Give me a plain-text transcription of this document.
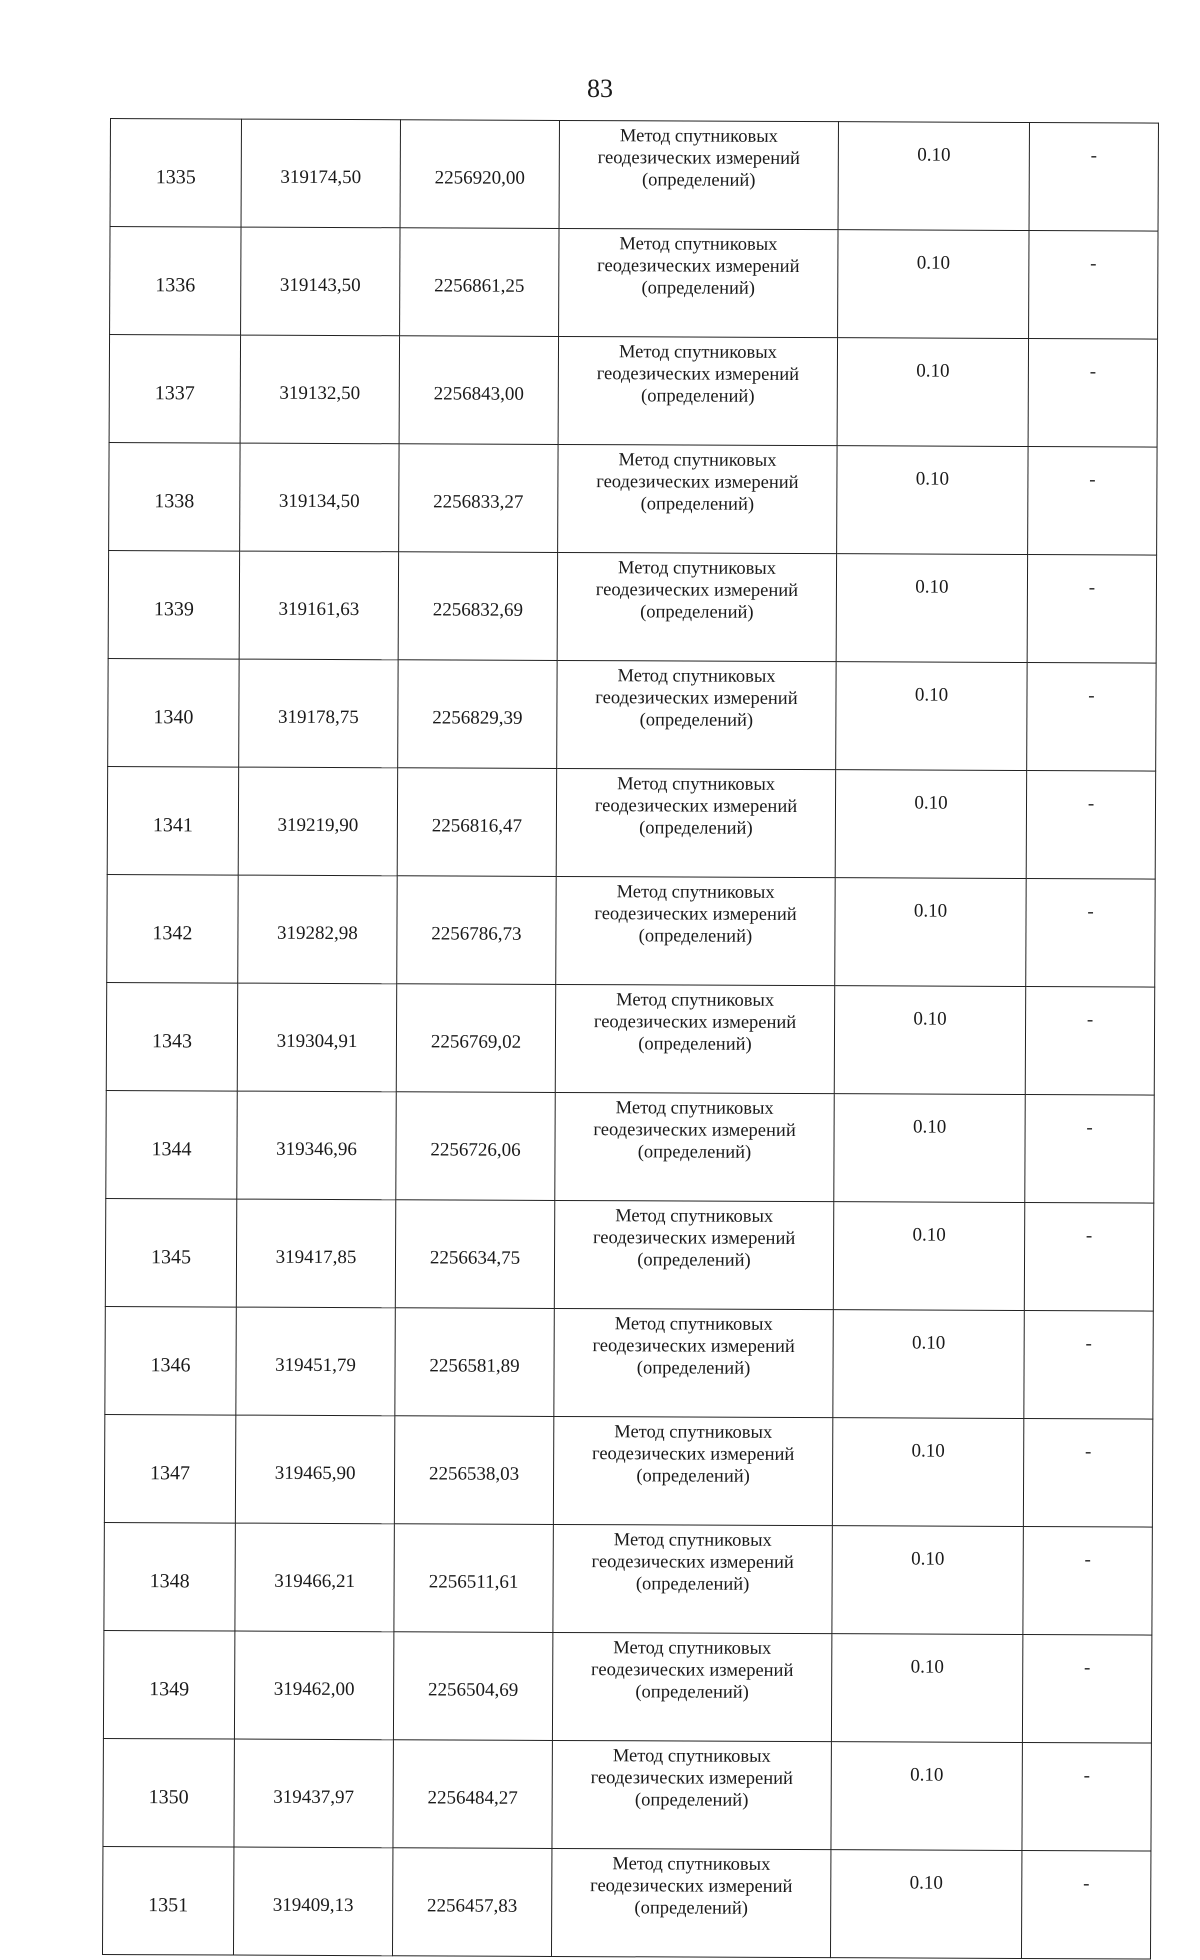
83
1335	319174,50	2256920,00	Метод спутниковых
геодезических измерений
(определений)	0.10	-
1336	319143,50	2256861,25	Метод спутниковых
геодезических измерений
(определений)	0.10	-
1337	319132,50	2256843,00	Метод спутниковых
геодезических измерений
(определений)	0.10	-
1338	319134,50	2256833,27	Метод спутниковых
геодезических измерений
(определений)	0.10	-
1339	319161,63	2256832,69	Метод спутниковых
геодезических измерений
(определений)	0.10	-
1340	319178,75	2256829,39	Метод спутниковых
геодезических измерений
(определений)	0.10	-
1341	319219,90	2256816,47	Метод спутниковых
геодезических измерений
(определений)	0.10	-
1342	319282,98	2256786,73	Метод спутниковых
геодезических измерений
(определений)	0.10	-
1343	319304,91	2256769,02	Метод спутниковых
геодезических измерений
(определений)	0.10	-
1344	319346,96	2256726,06	Метод спутниковых
геодезических измерений
(определений)	0.10	-
1345	319417,85	2256634,75	Метод спутниковых
геодезических измерений
(определений)	0.10	-
1346	319451,79	2256581,89	Метод спутниковых
геодезических измерений
(определений)	0.10	-
1347	319465,90	2256538,03	Метод спутниковых
геодезических измерений
(определений)	0.10	-
1348	319466,21	2256511,61	Метод спутниковых
геодезических измерений
(определений)	0.10	-
1349	319462,00	2256504,69	Метод спутниковых
геодезических измерений
(определений)	0.10	-
1350	319437,97	2256484,27	Метод спутниковых
геодезических измерений
(определений)	0.10	-
1351	319409,13	2256457,83	Метод спутниковых
геодезических измерений
(определений)	0.10	-
